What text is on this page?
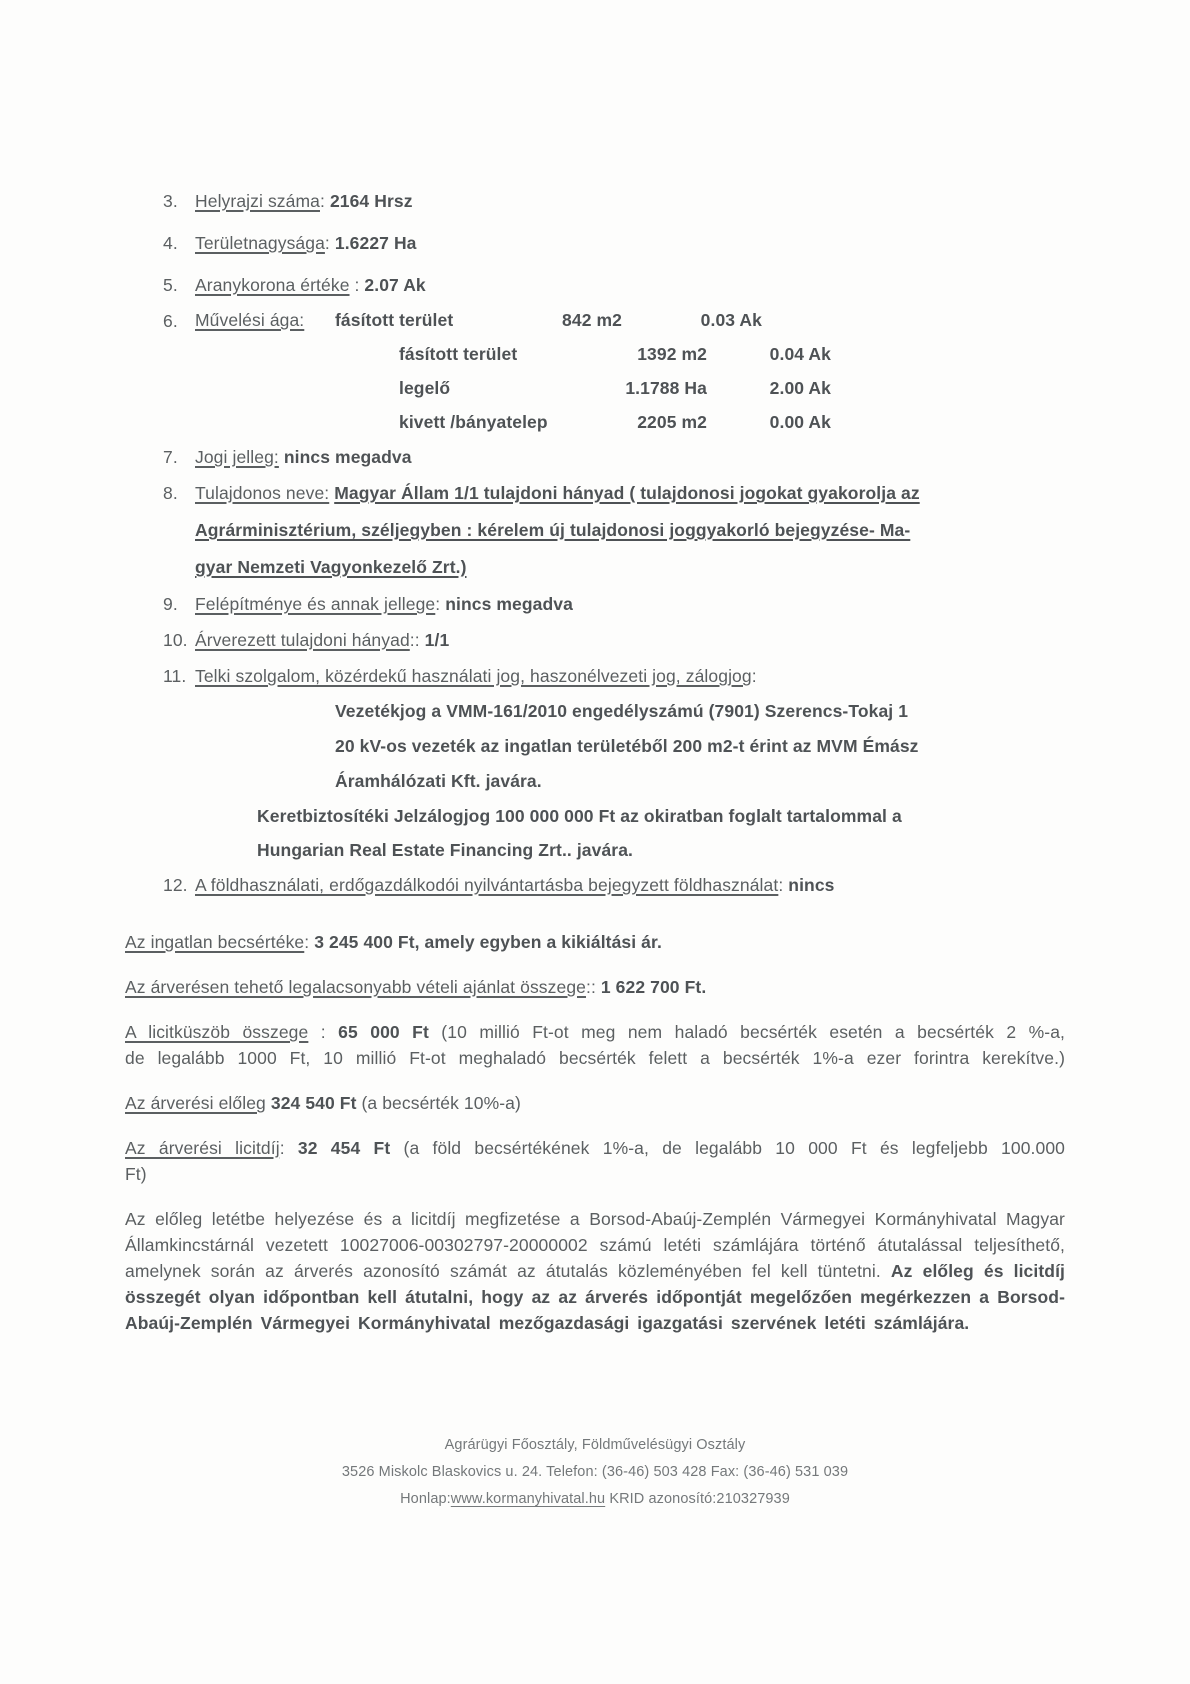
3. Helyrajzi száma: 2164 Hrsz
4. Területnagysága: 1.6227 Ha
5. Aranykorona értéke : 2.07 Ak
6. Művelési ága: fásított terület	842 m2	0.03 Ak
fásított terület	1392 m2	0.04 Ak
legelő	1.1788 Ha	2.00 Ak
kivett /bányatelep	2205 m2	0.00 Ak
7. Jogi jelleg: nincs megadva
8. Tulajdonos neve: Magyar Állam 1/1 tulajdoni hányad ( tulajdonosi jogokat gyakorolja az
Agrárminisztérium, széljegyben : kérelem új tulajdonosi joggyakorló bejegyzése- Ma-
gyar Nemzeti Vagyonkezelő Zrt.)
9. Felépítménye és annak jellege: nincs megadva
10. Árverezett tulajdoni hányad:: 1/1
11. Telki szolgalom, közérdekű használati jog, haszonélvezeti jog, zálogjog:
Vezetékjog a VMM-161/2010 engedélyszámú (7901) Szerencs-Tokaj 1
20 kV-os vezeték az ingatlan területéből 200 m2-t érint az MVM Émász
Áramhálózati Kft. javára.
Keretbiztosítéki Jelzálogjog 100 000 000 Ft az okiratban foglalt tartalommal a
Hungarian Real Estate Financing Zrt.. javára.
12. A földhasználati, erdőgazdálkodói nyilvántartásba bejegyzett földhasználat: nincs
Az ingatlan becsértéke: 3 245 400 Ft, amely egyben a kikiáltási ár.
Az árverésen tehető legalacsonyabb vételi ajánlat összege:: 1 622 700 Ft.
A licitküszöb összege : 65 000 Ft (10 millió Ft-ot meg nem haladó becsérték esetén a becsérték 2 %-a,
de legalább 1000 Ft, 10 millió Ft-ot meghaladó becsérték felett a becsérték 1%-a ezer forintra kerekítve.)
Az árverési előleg 324 540 Ft (a becsérték 10%-a)
Az árverési licitdíj: 32 454 Ft (a föld becsértékének 1%-a, de legalább 10 000 Ft és legfeljebb 100.000
Ft)
Az előleg letétbe helyezése és a licitdíj megfizetése a Borsod-Abaúj-Zemplén Vármegyei Kormányhivatal Magyar Államkincstárnál vezetett 10027006-00302797-20000002 számú letéti számlájára történő átutalással teljesíthető, amelynek során az árverés azonosító számát az átutalás közleményében fel kell tüntetni. Az előleg és licitdíj összegét olyan időpontban kell átutalni, hogy az az árverés időpontját megelőzően megérkezzen a Borsod-Abaúj-Zemplén Vármegyei Kormányhivatal mezőgazdasági igazgatási szervének letéti számlájára.
Agrárügyi Főosztály, Földművelésügyi Osztály
3526 Miskolc Blaskovics u. 24. Telefon: (36-46) 503 428 Fax: (36-46) 531 039
Honlap:www.kormanyhivatal.hu KRID azonosító:210327939
